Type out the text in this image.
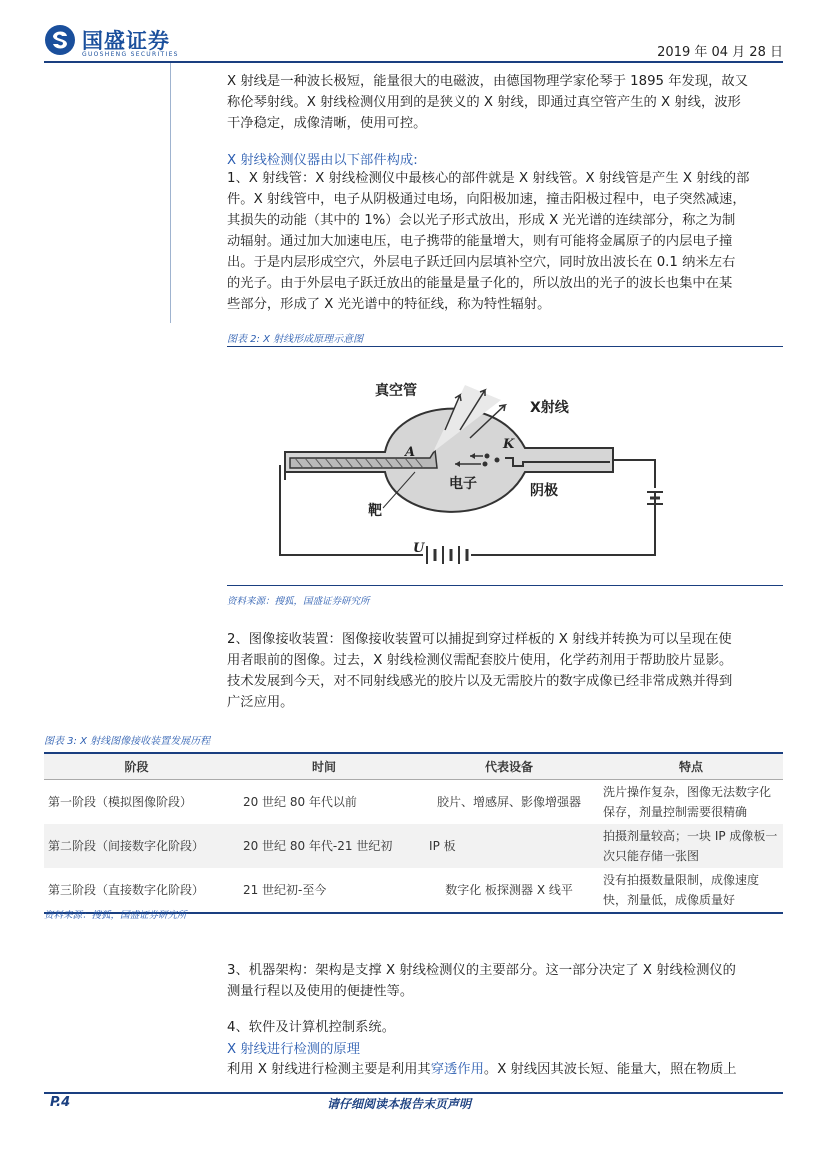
国盛证券
GUOSHENG SECURITIES	2019 年 04 月 28 日

X 射线是一种波长极短，能量很大的电磁波，由德国物理学家伦琴于 1895 年发现，故又

称伦琴射线。X 射线检测仪用到的是狭义的 X 射线，即通过真空管产生的 X 射线，波形

干净稳定，成像清晰，使用可控。

X 射线检测仪器由以下部件构成:

1、X 射线管：X 射线检测仪中最核心的部件就是 X 射线管。X 射线管是产生 X 射线的部

件。X 射线管中，电子从阴极通过电场，向阳极加速，撞击阳极过程中，电子突然减速，

其损失的动能（其中的 1%）会以光子形式放出，形成 X 光光谱的连续部分，称之为制

动辐射。通过加大加速电压，电子携带的能量增大，则有可能将金属原子的内层电子撞

出。于是内层形成空穴，外层电子跃迁回内层填补空穴，同时放出波长在 0.1 纳米左右

的光子。由于外层电子跃迁放出的能量是量子化的，所以放出的光子的波长也集中在某

些部分，形成了 X 光光谱中的特征线，称为特性辐射。

图表 2: X 射线形成原理示意图
真空管
X射线
K
A
电子	阴极
靶
U
资料来源：搜狐，国盛证券研究所

2、图像接收装置：图像接收装置可以捕捉到穿过样板的 X 射线并转换为可以呈现在使

用者眼前的图像。过去，X 射线检测仪需配套胶片使用，化学药剂用于帮助胶片显影。

技术发展到今天，对不同射线感光的胶片以及无需胶片的数字成像已经非常成熟并得到

广泛应用。

图表 3: X 射线图像接收装置发展历程
阶段	时间	代表设备	特点
第一阶段（模拟图像阶段）	20 世纪 80 年代以前	胶片、增感屏、影像增强器	洗片操作复杂，图像无法数字化保存，剂量控制需要很精确
第二阶段（间接数字化阶段）	20 世纪 80 年代-21 世纪初	IP 板	拍摄剂量较高；一块 IP 成像板一次只能存储一张图
第三阶段（直接数字化阶段）	21 世纪初-至今	数字化 板探测器 X 线平	没有拍摄数量限制，成像速度快，剂量低，成像质量好
资料来源：搜狐，国盛证券研究所

3、机器架构：架构是支撑 X 射线检测仪的主要部分。这一部分决定了 X 射线检测仪的

测量行程以及使用的便捷性等。

4、软件及计算机控制系统。

X 射线进行检测的原理

利用 X 射线进行检测主要是利用其穿透作用。X 射线因其波长短、能量大，照在物质上

P.4	请仔细阅读本报告末页声明
